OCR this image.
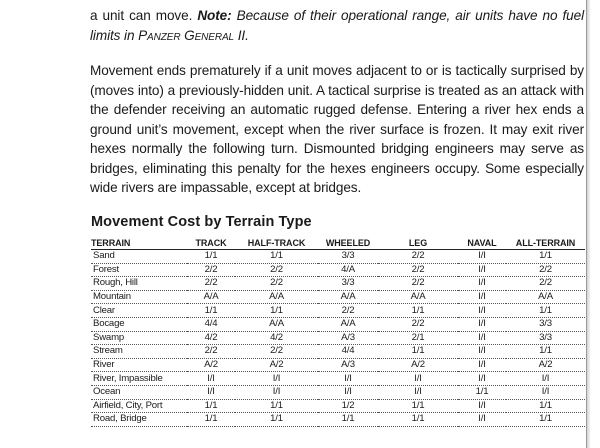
a unit can move. Note: Because of their operational range, air units have no fuel limits in Panzer General II.

Movement ends prematurely if a unit moves adjacent to or is tactically surprised by (moves into) a previously-hidden unit. A tactical surprise is treated as an attack with the defender receiving an automatic rugged defense. Entering a river hex ends a ground unit’s movement, except when the river surface is frozen. It may exit river hexes normally the following turn. Dismounted bridging engineers may serve as bridges, eliminating this penalty for the hexes engineers occupy. Some especially wide rivers are impassable, except at bridges.

Movement Cost by Terrain Type
TERRAIN	TRACK	HALF-TRACK	WHEELED	LEG	NAVAL	ALL-TERRAIN
Sand	1/1	1/1	3/3	2/2	I/I	1/1
Forest	2/2	2/2	4/A	2/2	I/I	2/2
Rough, Hill	2/2	2/2	3/3	2/2	I/I	2/2
Mountain	A/A	A/A	A/A	A/A	I/I	A/A
Clear	1/1	1/1	2/2	1/1	I/I	1/1
Bocage	4/4	A/A	A/A	2/2	I/I	3/3
Swamp	4/2	4/2	A/3	2/1	I/I	3/3
Stream	2/2	2/2	4/4	1/1	I/I	1/1
River	A/2	A/2	A/3	A/2	I/I	A/2
River, Impassible	I/I	I/I	I/I	I/I	I/I	I/I
Ocean	I/I	I/I	I/I	I/I	1/1	I/I
Airfield, City, Port	1/1	1/1	1/2	1/1	I/I	1/1
Road, Bridge	1/1	1/1	1/1	1/1	I/I	1/1
